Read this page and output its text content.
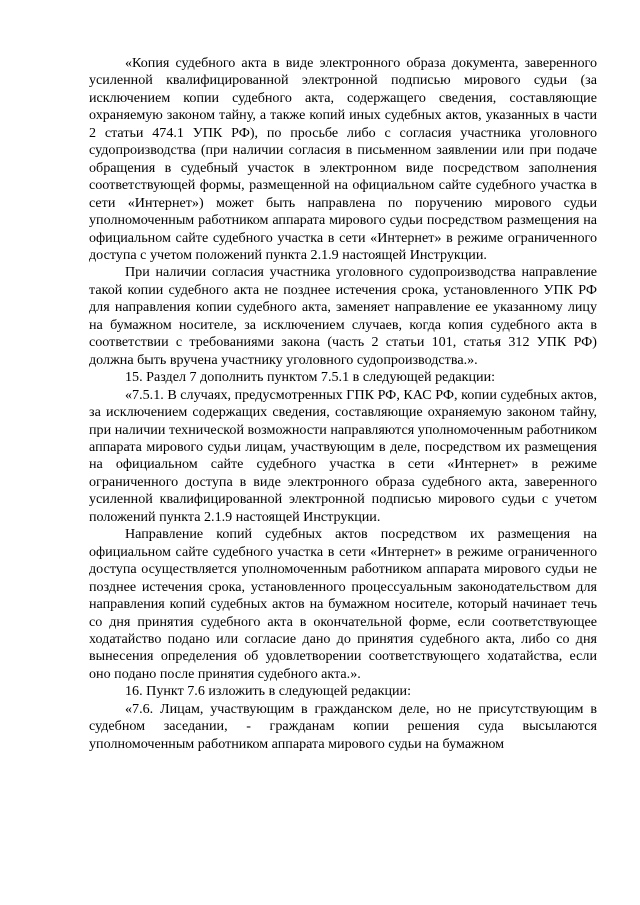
«Копия судебного акта в виде электронного образа документа, заверенного усиленной квалифицированной электронной подписью мирового судьи (за исключением копии судебного акта, содержащего сведения, составляющие охраняемую законом тайну, а также копий иных судебных актов, указанных в части 2 статьи 474.1 УПК РФ), по просьбе либо с согласия участника уголовного судопроизводства (при наличии согласия в письменном заявлении или при подаче обращения в судебный участок в электронном виде посредством заполнения соответствующей формы, размещенной на официальном сайте судебного участка в сети «Интернет») может быть направлена по поручению мирового судьи уполномоченным работником аппарата мирового судьи посредством размещения на официальном сайте судебного участка в сети «Интернет» в режиме ограниченного доступа с учетом положений пункта 2.1.9 настоящей Инструкции.

При наличии согласия участника уголовного судопроизводства направление такой копии судебного акта не позднее истечения срока, установленного УПК РФ для направления копии судебного акта, заменяет направление ее указанному лицу на бумажном носителе, за исключением случаев, когда копия судебного акта в соответствии с требованиями закона (часть 2 статьи 101, статья 312 УПК РФ) должна быть вручена участнику уголовного судопроизводства.».

15. Раздел 7 дополнить пунктом 7.5.1 в следующей редакции:

«7.5.1. В случаях, предусмотренных ГПК РФ, КАС РФ, копии судебных актов, за исключением содержащих сведения, составляющие охраняемую законом тайну, при наличии технической возможности направляются уполномоченным работником аппарата мирового судьи лицам, участвующим в деле, посредством их размещения на официальном сайте судебного участка в сети «Интернет» в режиме ограниченного доступа в виде электронного образа судебного акта, заверенного усиленной квалифицированной электронной подписью мирового судьи с учетом положений пункта 2.1.9 настоящей Инструкции.

Направление копий судебных актов посредством их размещения на официальном сайте судебного участка в сети «Интернет» в режиме ограниченного доступа осуществляется уполномоченным работником аппарата мирового судьи не позднее истечения срока, установленного процессуальным законодательством для направления копий судебных актов на бумажном носителе, который начинает течь со дня принятия судебного акта в окончательной форме, если соответствующее ходатайство подано или согласие дано до принятия судебного акта, либо со дня вынесения определения об удовлетворении соответствующего ходатайства, если оно подано после принятия судебного акта.».

16. Пункт 7.6 изложить в следующей редакции:

«7.6. Лицам, участвующим в гражданском деле, но не присутствующим в судебном заседании, - гражданам копии решения суда высылаются уполномоченным работником аппарата мирового судьи на бумажном
